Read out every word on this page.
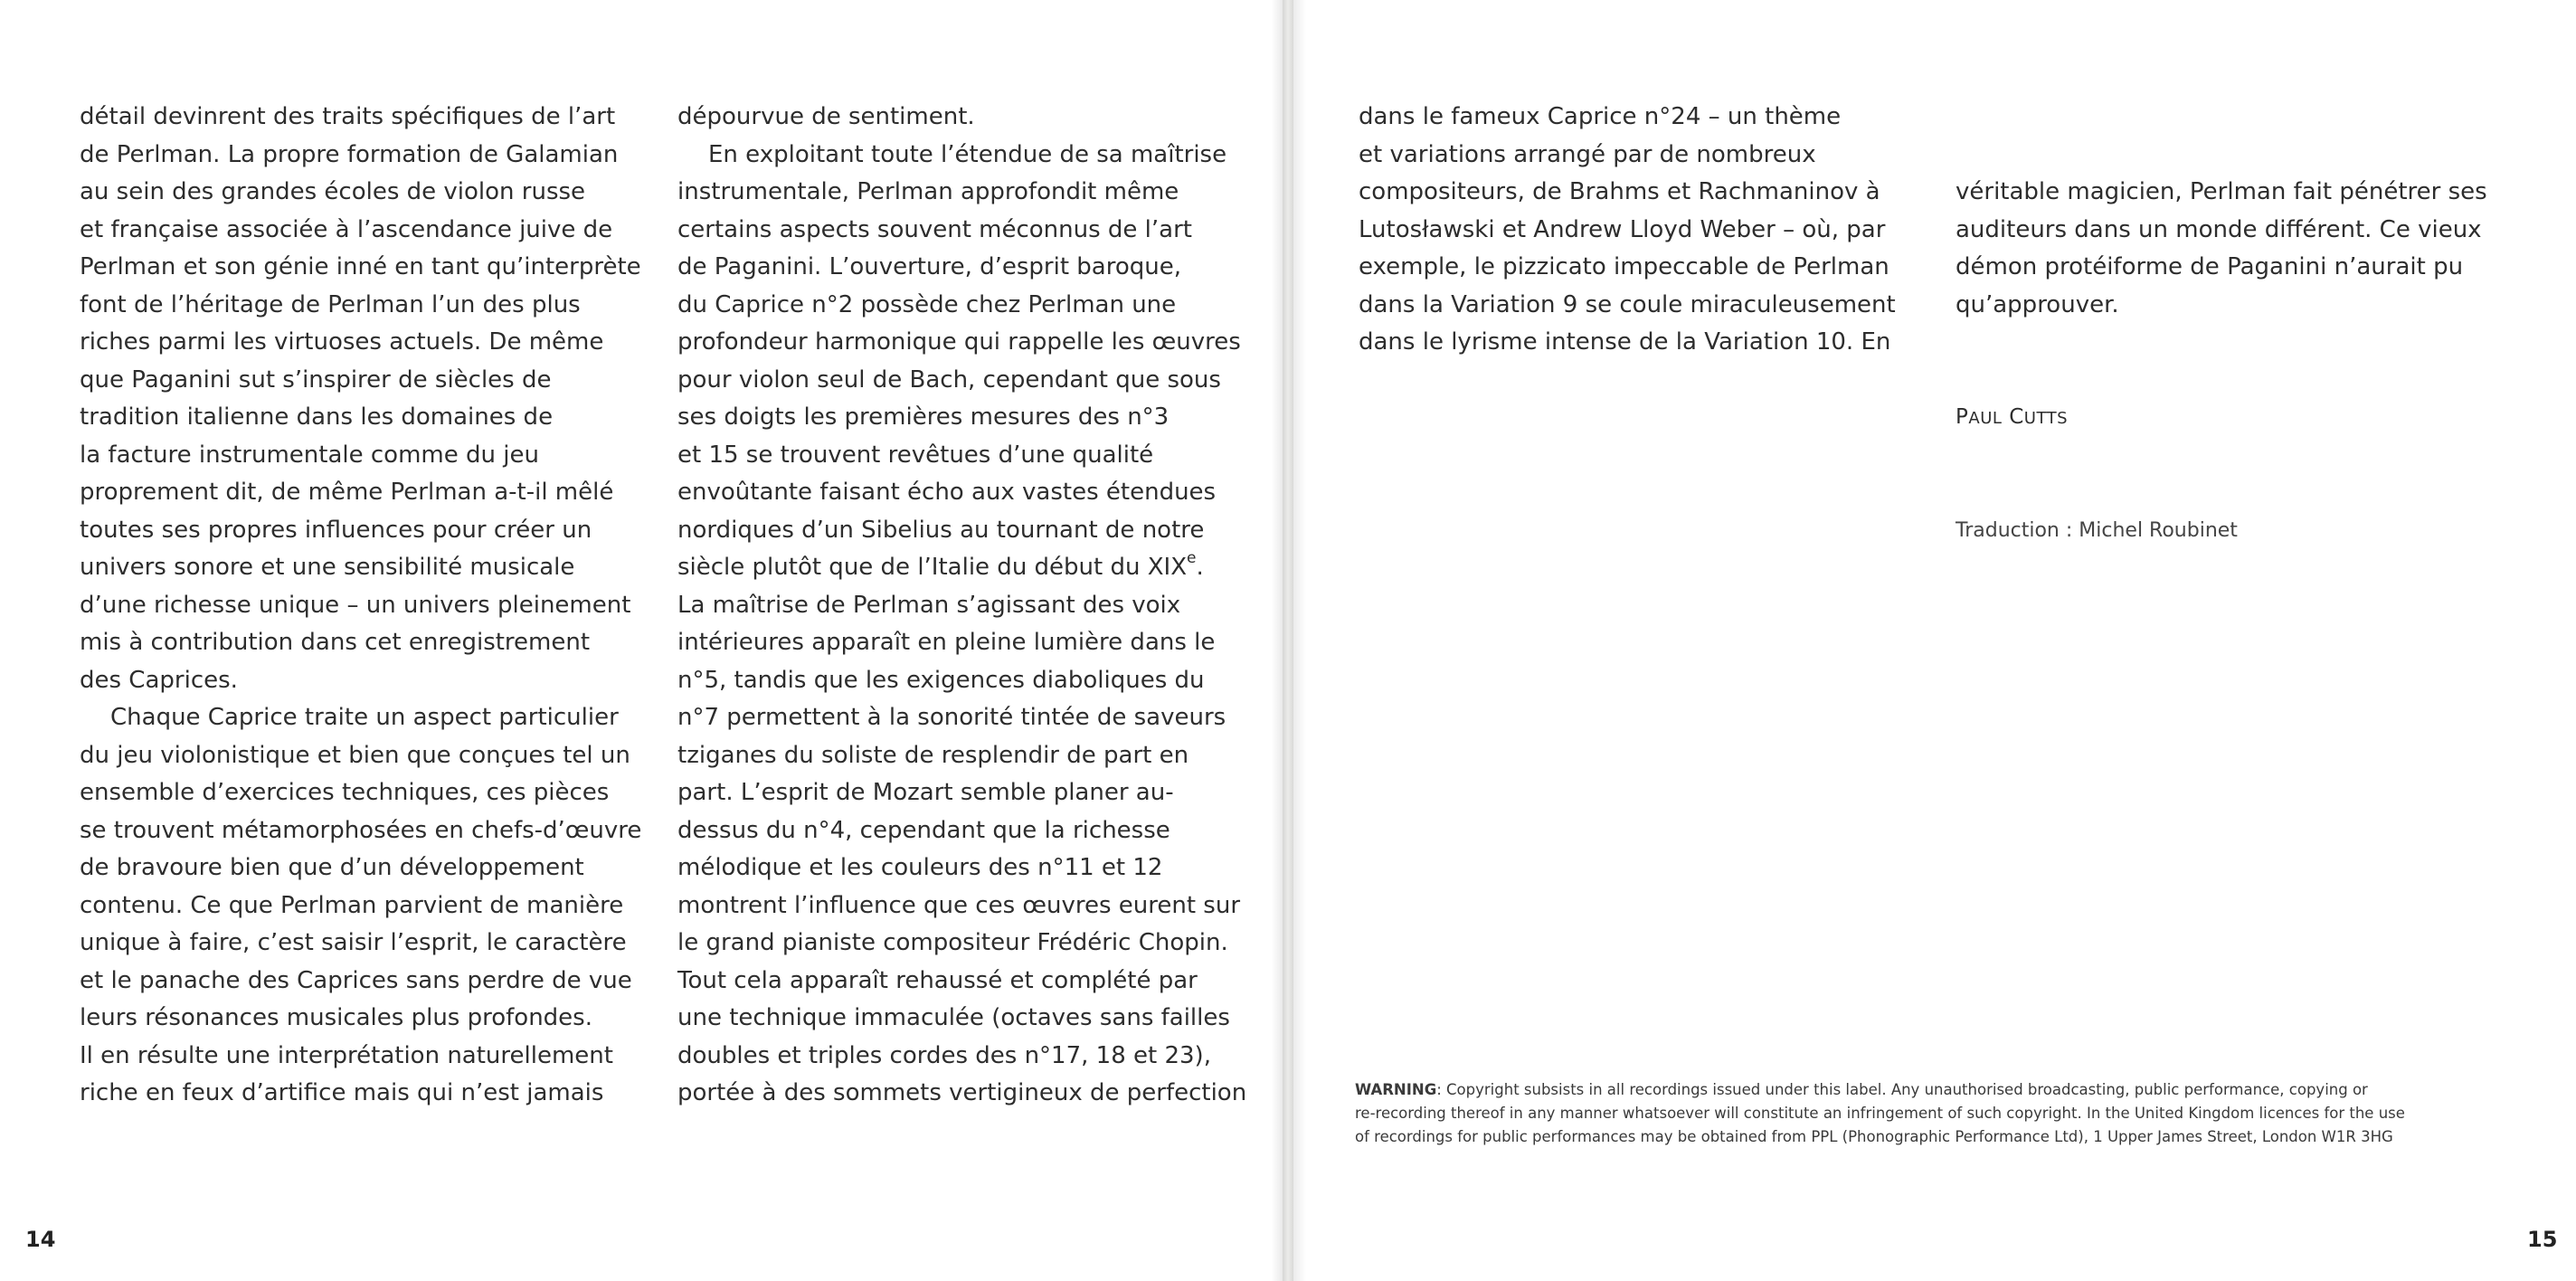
détail devinrent des traits spécifiques de l’art
de Perlman. La propre formation de Galamian
au sein des grandes écoles de violon russe
et française associée à l’ascendance juive de
Perlman et son génie inné en tant qu’interprète
font de l’héritage de Perlman l’un des plus
riches parmi les virtuoses actuels. De même
que Paganini sut s’inspirer de siècles de
tradition italienne dans les domaines de
la facture instrumentale comme du jeu
proprement dit, de même Perlman a-t-il mêlé
toutes ses propres influences pour créer un
univers sonore et une sensibilité musicale
d’une richesse unique – un univers pleinement
mis à contribution dans cet enregistrement
des Caprices.
Chaque Caprice traite un aspect particulier
du jeu violonistique et bien que conçues tel un
ensemble d’exercices techniques, ces pièces
se trouvent métamorphosées en chefs-d’œuvre
de bravoure bien que d’un développement
contenu. Ce que Perlman parvient de manière
unique à faire, c’est saisir l’esprit, le caractère
et le panache des Caprices sans perdre de vue
leurs résonances musicales plus profondes.
Il en résulte une interprétation naturellement
riche en feux d’artifice mais qui n’est jamais
dépourvue de sentiment.
En exploitant toute l’étendue de sa maîtrise
instrumentale, Perlman approfondit même
certains aspects souvent méconnus de l’art
de Paganini. L’ouverture, d’esprit baroque,
du Caprice n°2 possède chez Perlman une
profondeur harmonique qui rappelle les œuvres
pour violon seul de Bach, cependant que sous
ses doigts les premières mesures des n°3
et 15 se trouvent revêtues d’une qualité
envoûtante faisant écho aux vastes étendues
nordiques d’un Sibelius au tournant de notre
siècle plutôt que de l’Italie du début du XIXe.
La maîtrise de Perlman s’agissant des voix
intérieures apparaît en pleine lumière dans le
n°5, tandis que les exigences diaboliques du
n°7 permettent à la sonorité tintée de saveurs
tziganes du soliste de resplendir de part en
part. L’esprit de Mozart semble planer au-
dessus du n°4, cependant que la richesse
mélodique et les couleurs des n°11 et 12
montrent l’influence que ces œuvres eurent sur
le grand pianiste compositeur Frédéric Chopin.
Tout cela apparaît rehaussé et complété par
une technique immaculée (octaves sans failles
doubles et triples cordes des n°17, 18 et 23),
portée à des sommets vertigineux de perfection
dans le fameux Caprice n°24 – un thème
et variations arrangé par de nombreux
compositeurs, de Brahms et Rachmaninov à
Lutosławski et Andrew Lloyd Weber – où, par
exemple, le pizzicato impeccable de Perlman
dans la Variation 9 se coule miraculeusement
dans le lyrisme intense de la Variation 10. En

véritable magicien, Perlman fait pénétrer ses
auditeurs dans un monde différent. Ce vieux
démon protéiforme de Paganini n’aurait pu
qu’approuver.

PAUL CUTTS

Traduction : Michel Roubinet

WARNING: Copyright subsists in all recordings issued under this label. Any unauthorised broadcasting, public performance, copying or
re-recording thereof in any manner whatsoever will constitute an infringement of such copyright. In the United Kingdom licences for the use
of recordings for public performances may be obtained from PPL (Phonographic Performance Ltd), 1 Upper James Street, London W1R 3HG
14	15
